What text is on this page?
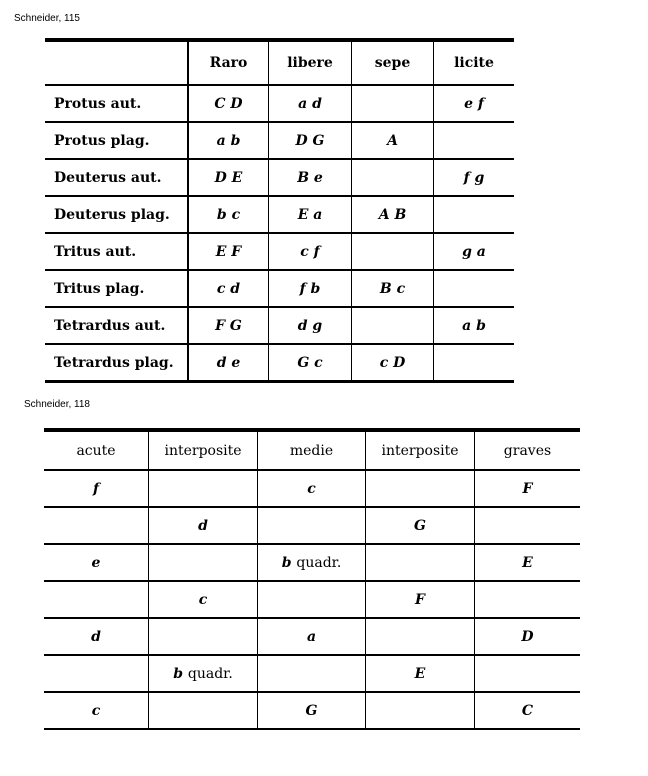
Schneider, 115
	Raro	libere	sepe	licite
Protus aut.	C D	a d		e f
Protus plag.	a b	D G	A	
Deuterus aut.	D E	B e		f g
Deuterus plag.	b c	E a	A B	
Tritus aut.	E F	c f		g a
Tritus plag.	c d	f b	B c	
Tetrardus aut.	F G	d g		a b
Tetrardus plag.	d e	G c	c D	
Schneider, 118
acute	interposite	medie	interposite	graves
f		c		F
	d		G	
e		b quadr.		E
	c		F	
d		a		D
	b quadr.		E	
c		G		C
